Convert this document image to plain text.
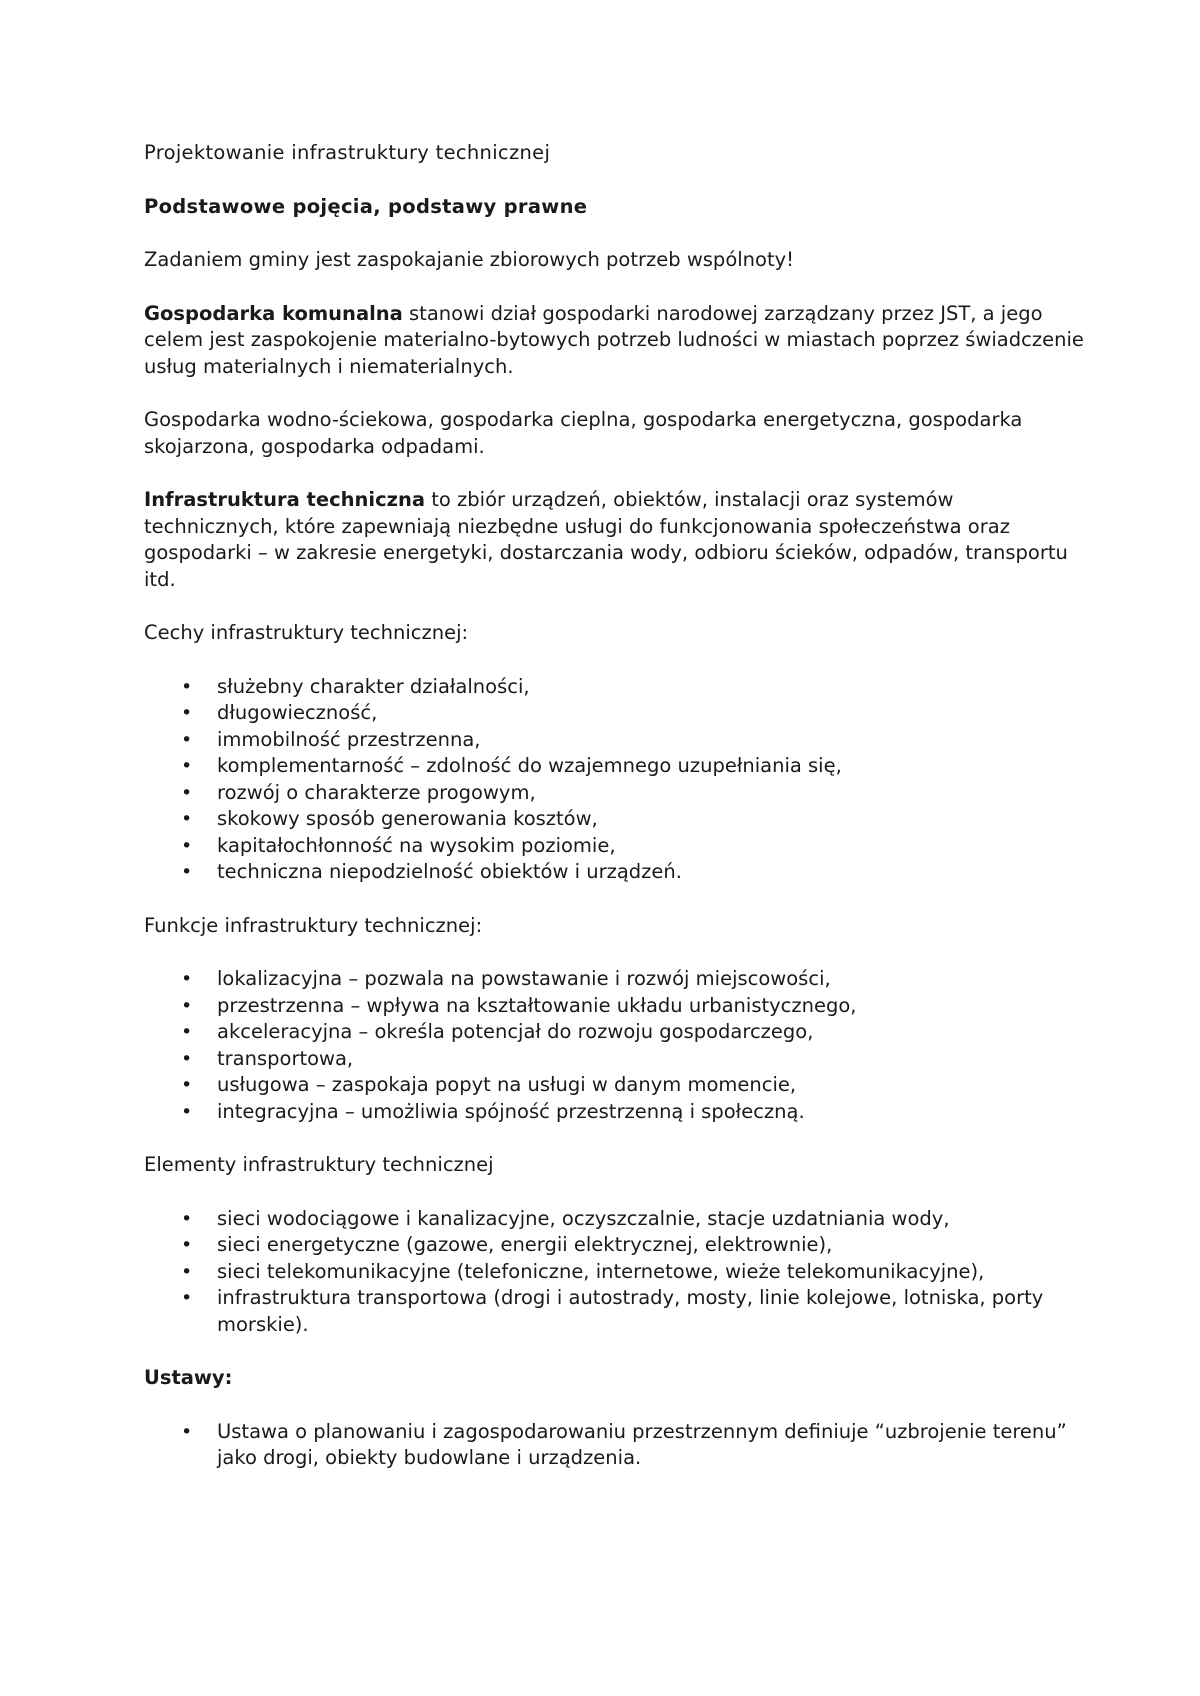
Projektowanie infrastruktury technicznej

Podstawowe pojęcia, podstawy prawne

Zadaniem gminy jest zaspokajanie zbiorowych potrzeb wspólnoty!

Gospodarka komunalna stanowi dział gospodarki narodowej zarządzany przez JST, a jego celem jest zaspokojenie materialno-bytowych potrzeb ludności w miastach poprzez świadczenie usług materialnych i niematerialnych.

Gospodarka wodno-ściekowa, gospodarka cieplna, gospodarka energetyczna, gospodarka skojarzona, gospodarka odpadami.

Infrastruktura techniczna to zbiór urządzeń, obiektów, instalacji oraz systemów technicznych, które zapewniają niezbędne usługi do funkcjonowania społeczeństwa oraz gospodarki – w zakresie energetyki, dostarczania wody, odbioru ścieków, odpadów, transportu itd.

Cechy infrastruktury technicznej:

• służebny charakter działalności,
• długowieczność,
• immobilność przestrzenna,
• komplementarność – zdolność do wzajemnego uzupełniania się,
• rozwój o charakterze progowym,
• skokowy sposób generowania kosztów,
• kapitałochłonność na wysokim poziomie,
• techniczna niepodzielność obiektów i urządzeń.

Funkcje infrastruktury technicznej:

• lokalizacyjna – pozwala na powstawanie i rozwój miejscowości,
• przestrzenna – wpływa na kształtowanie układu urbanistycznego,
• akceleracyjna – określa potencjał do rozwoju gospodarczego,
• transportowa,
• usługowa – zaspokaja popyt na usługi w danym momencie,
• integracyjna – umożliwia spójność przestrzenną i społeczną.

Elementy infrastruktury technicznej

• sieci wodociągowe i kanalizacyjne, oczyszczalnie, stacje uzdatniania wody,
• sieci energetyczne (gazowe, energii elektrycznej, elektrownie),
• sieci telekomunikacyjne (telefoniczne, internetowe, wieże telekomunikacyjne),
• infrastruktura transportowa (drogi i autostrady, mosty, linie kolejowe, lotniska, porty morskie).

Ustawy:

• Ustawa o planowaniu i zagospodarowaniu przestrzennym definiuje “uzbrojenie terenu” jako drogi, obiekty budowlane i urządzenia.
